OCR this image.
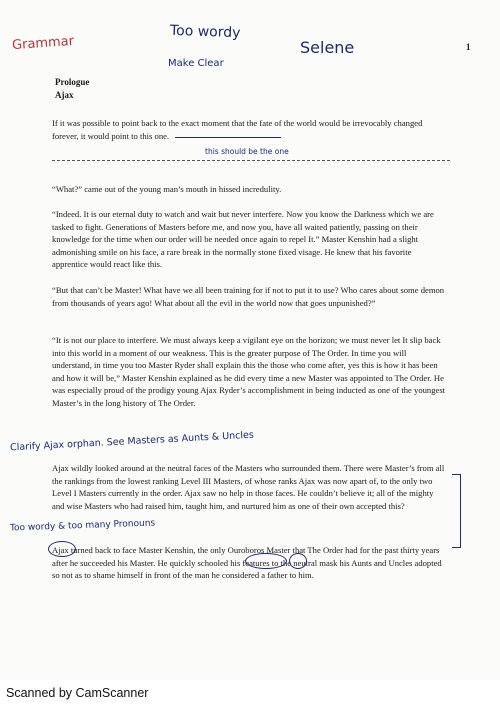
Grammar
Too wordy
Make Clear
Selene	1
Prologue
Ajax
If it was possible to point back to the exact moment that the fate of the world would be irrevocably changed forever, it would point to this one.
this should be the one
“What?” came out of the young man’s mouth in hissed incredulity.
“Indeed. It is our eternal duty to watch and wait but never interfere. Now you know the Darkness which we are tasked to fight. Generations of Masters before me, and now you, have all waited patiently, passing on their knowledge for the time when our order will be needed once again to repel It.” Master Kenshin had a slight admonishing smile on his face, a rare break in the normally stone fixed visage. He knew that his favorite apprentice would react like this.
“But that can’t be Master! What have we all been training for if not to put it to use? Who cares about some demon from thousands of years ago! What about all the evil in the world now that goes unpunished?”
“It is not our place to interfere. We must always keep a vigilant eye on the horizon; we must never let It slip back into this world in a moment of our weakness. This is the greater purpose of The Order. In time you will understand, in time you too Master Ryder shall explain this the those who come after, yes this is how it has been and how it will be,” Master Kenshin explained as he did every time a new Master was appointed to The Order. He was especially proud of the prodigy young Ajax Ryder’s accomplishment in being inducted as one of the youngest Master’s in the long history of The Order.
Ajax wildly looked around at the neutral faces of the Masters who surrounded them. There were Master’s from all the rankings from the lowest ranking Level III Masters, of whose ranks Ajax was now apart of, to the only two Level I Masters currently in the order. Ajax saw no help in those faces. He couldn’t believe it; all of the mighty and wise Masters who had raised him, taught him, and nurtured him as one of their own accepted this?
Ajax turned back to face Master Kenshin, the only Ouroboros Master that The Order had for the past thirty years after he succeeded his Master. He quickly schooled his features to the neutral mask his Aunts and Uncles adopted so not as to shame himself in front of the man he considered a father to him.
Clarify Ajax orphan. See Masters as Aunts & Uncles
Too wordy & too many Pronouns
Scanned by CamScanner
